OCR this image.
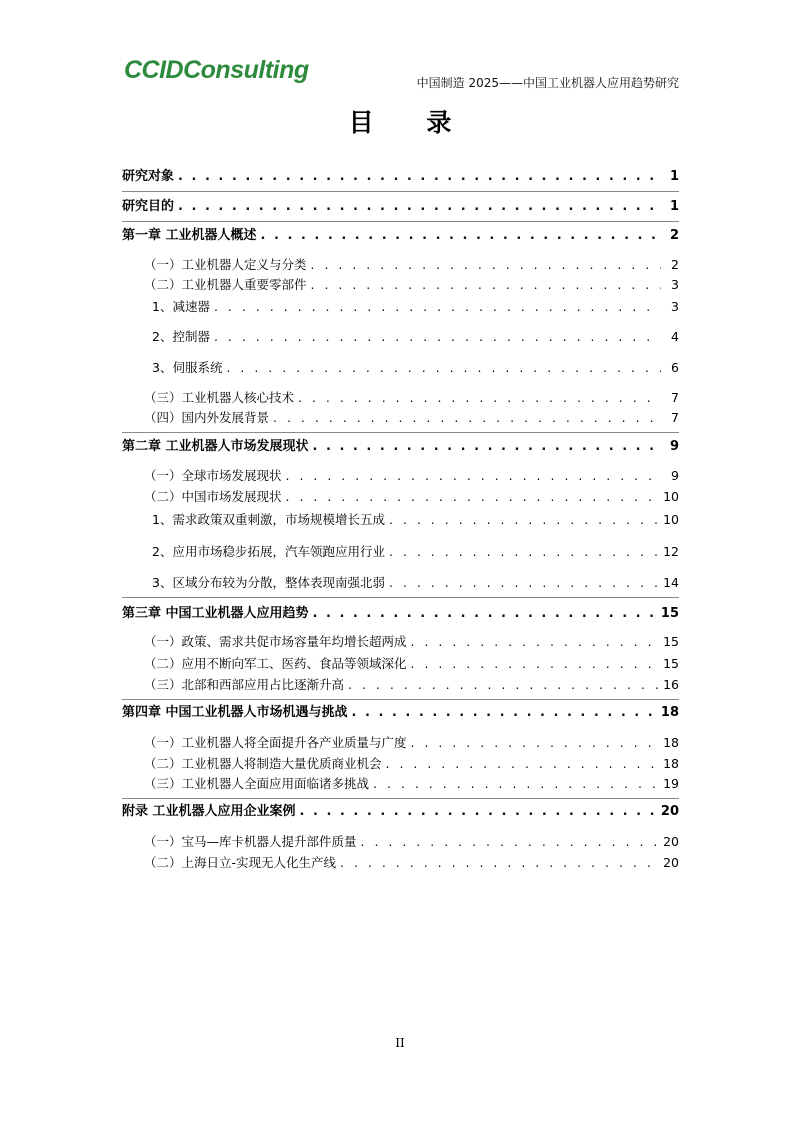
CCIDConsulting	中国制造 2025——中国工业机器人应用趋势研究
目 录
研究对象 . . .	1
研究目的 . . .	1
第一章 工业机器人概述 . . .	2
（一）工业机器人定义与分类 . . .	2
（二）工业机器人重要零部件 . . .	3
1、减速器 . . .	3
2、控制器 . . .	4
3、伺服系统 . . .	6
（三）工业机器人核心技术 . . .	7
（四）国内外发展背景 . . .	7
第二章 工业机器人市场发展现状 . . .	9
（一）全球市场发展现状 . . .	9
（二）中国市场发展现状 . . .	10
1、需求政策双重刺激，市场规模增长五成 . . .	10
2、应用市场稳步拓展，汽车领跑应用行业 . . .	12
3、区域分布较为分散，整体表现南强北弱 . . .	14
第三章 中国工业机器人应用趋势 . . .	15
（一）政策、需求共促市场容量年均增长超两成 . . .	15
（二）应用不断向军工、医药、食品等领域深化 . . .	15
（三）北部和西部应用占比逐渐升高 . . .	16
第四章 中国工业机器人市场机遇与挑战 . . .	18
（一）工业机器人将全面提升各产业质量与广度 . . .	18
（二）工业机器人将制造大量优质商业机会 . . .	18
（三）工业机器人全面应用面临诸多挑战 . . .	19
附录 工业机器人应用企业案例 . . .	20
（一）宝马—库卡机器人提升部件质量 . . .	20
（二）上海日立-实现无人化生产线 . . .	20
II
